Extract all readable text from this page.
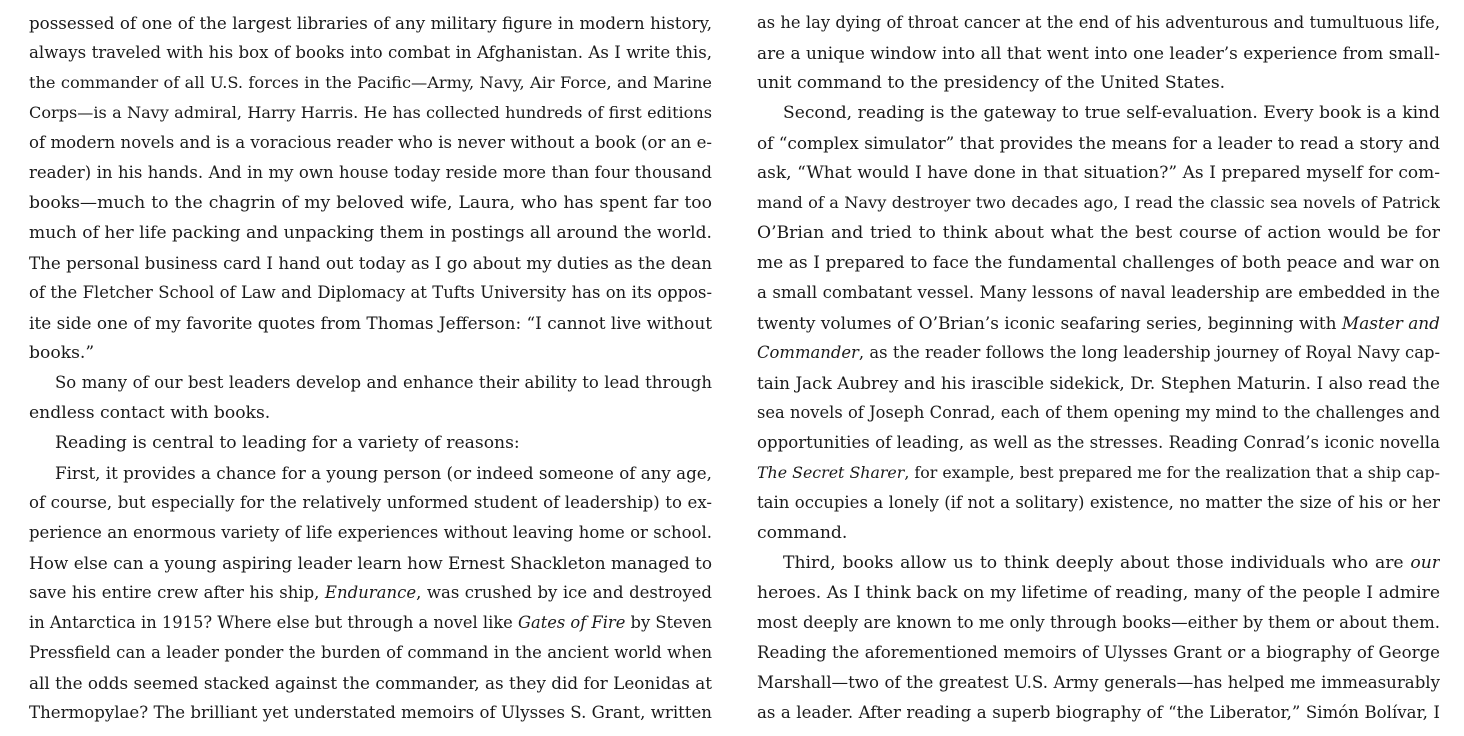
possessed of one of the largest libraries of any military figure in modern history,
always traveled with his box of books into combat in Afghanistan. As I write this,
the commander of all U.S. forces in the Pacific—Army, Navy, Air Force, and Marine
Corps—is a Navy admiral, Harry Harris. He has collected hundreds of first editions
of modern novels and is a voracious reader who is never without a book (or an e-
reader) in his hands. And in my own house today reside more than four thousand
books—much to the chagrin of my beloved wife, Laura, who has spent far too
much of her life packing and unpacking them in postings all around the world.
The personal business card I hand out today as I go about my duties as the dean
of the Fletcher School of Law and Diplomacy at Tufts University has on its oppos-
ite side one of my favorite quotes from Thomas Jefferson: “I cannot live without
books.”
So many of our best leaders develop and enhance their ability to lead through
endless contact with books.
Reading is central to leading for a variety of reasons:
First, it provides a chance for a young person (or indeed someone of any age,
of course, but especially for the relatively unformed student of leadership) to ex-
perience an enormous variety of life experiences without leaving home or school.
How else can a young aspiring leader learn how Ernest Shackleton managed to
save his entire crew after his ship, Endurance, was crushed by ice and destroyed
in Antarctica in 1915? Where else but through a novel like Gates of Fire by Steven
Pressfield can a leader ponder the burden of command in the ancient world when
all the odds seemed stacked against the commander, as they did for Leonidas at
Thermopylae? The brilliant yet understated memoirs of Ulysses S. Grant, written
as he lay dying of throat cancer at the end of his adventurous and tumultuous life,
are a unique window into all that went into one leader’s experience from small-
unit command to the presidency of the United States.
Second, reading is the gateway to true self-evaluation. Every book is a kind
of “complex simulator” that provides the means for a leader to read a story and
ask, “What would I have done in that situation?” As I prepared myself for com-
mand of a Navy destroyer two decades ago, I read the classic sea novels of Patrick
O’Brian and tried to think about what the best course of action would be for
me as I prepared to face the fundamental challenges of both peace and war on
a small combatant vessel. Many lessons of naval leadership are embedded in the
twenty volumes of O’Brian’s iconic seafaring series, beginning with Master and
Commander, as the reader follows the long leadership journey of Royal Navy cap-
tain Jack Aubrey and his irascible sidekick, Dr. Stephen Maturin. I also read the
sea novels of Joseph Conrad, each of them opening my mind to the challenges and
opportunities of leading, as well as the stresses. Reading Conrad’s iconic novella
The Secret Sharer, for example, best prepared me for the realization that a ship cap-
tain occupies a lonely (if not a solitary) existence, no matter the size of his or her
command.
Third, books allow us to think deeply about those individuals who are our
heroes. As I think back on my lifetime of reading, many of the people I admire
most deeply are known to me only through books—either by them or about them.
Reading the aforementioned memoirs of Ulysses Grant or a biography of George
Marshall—two of the greatest U.S. Army generals—has helped me immeasurably
as a leader. After reading a superb biography of “the Liberator,” Simón Bolívar, I
